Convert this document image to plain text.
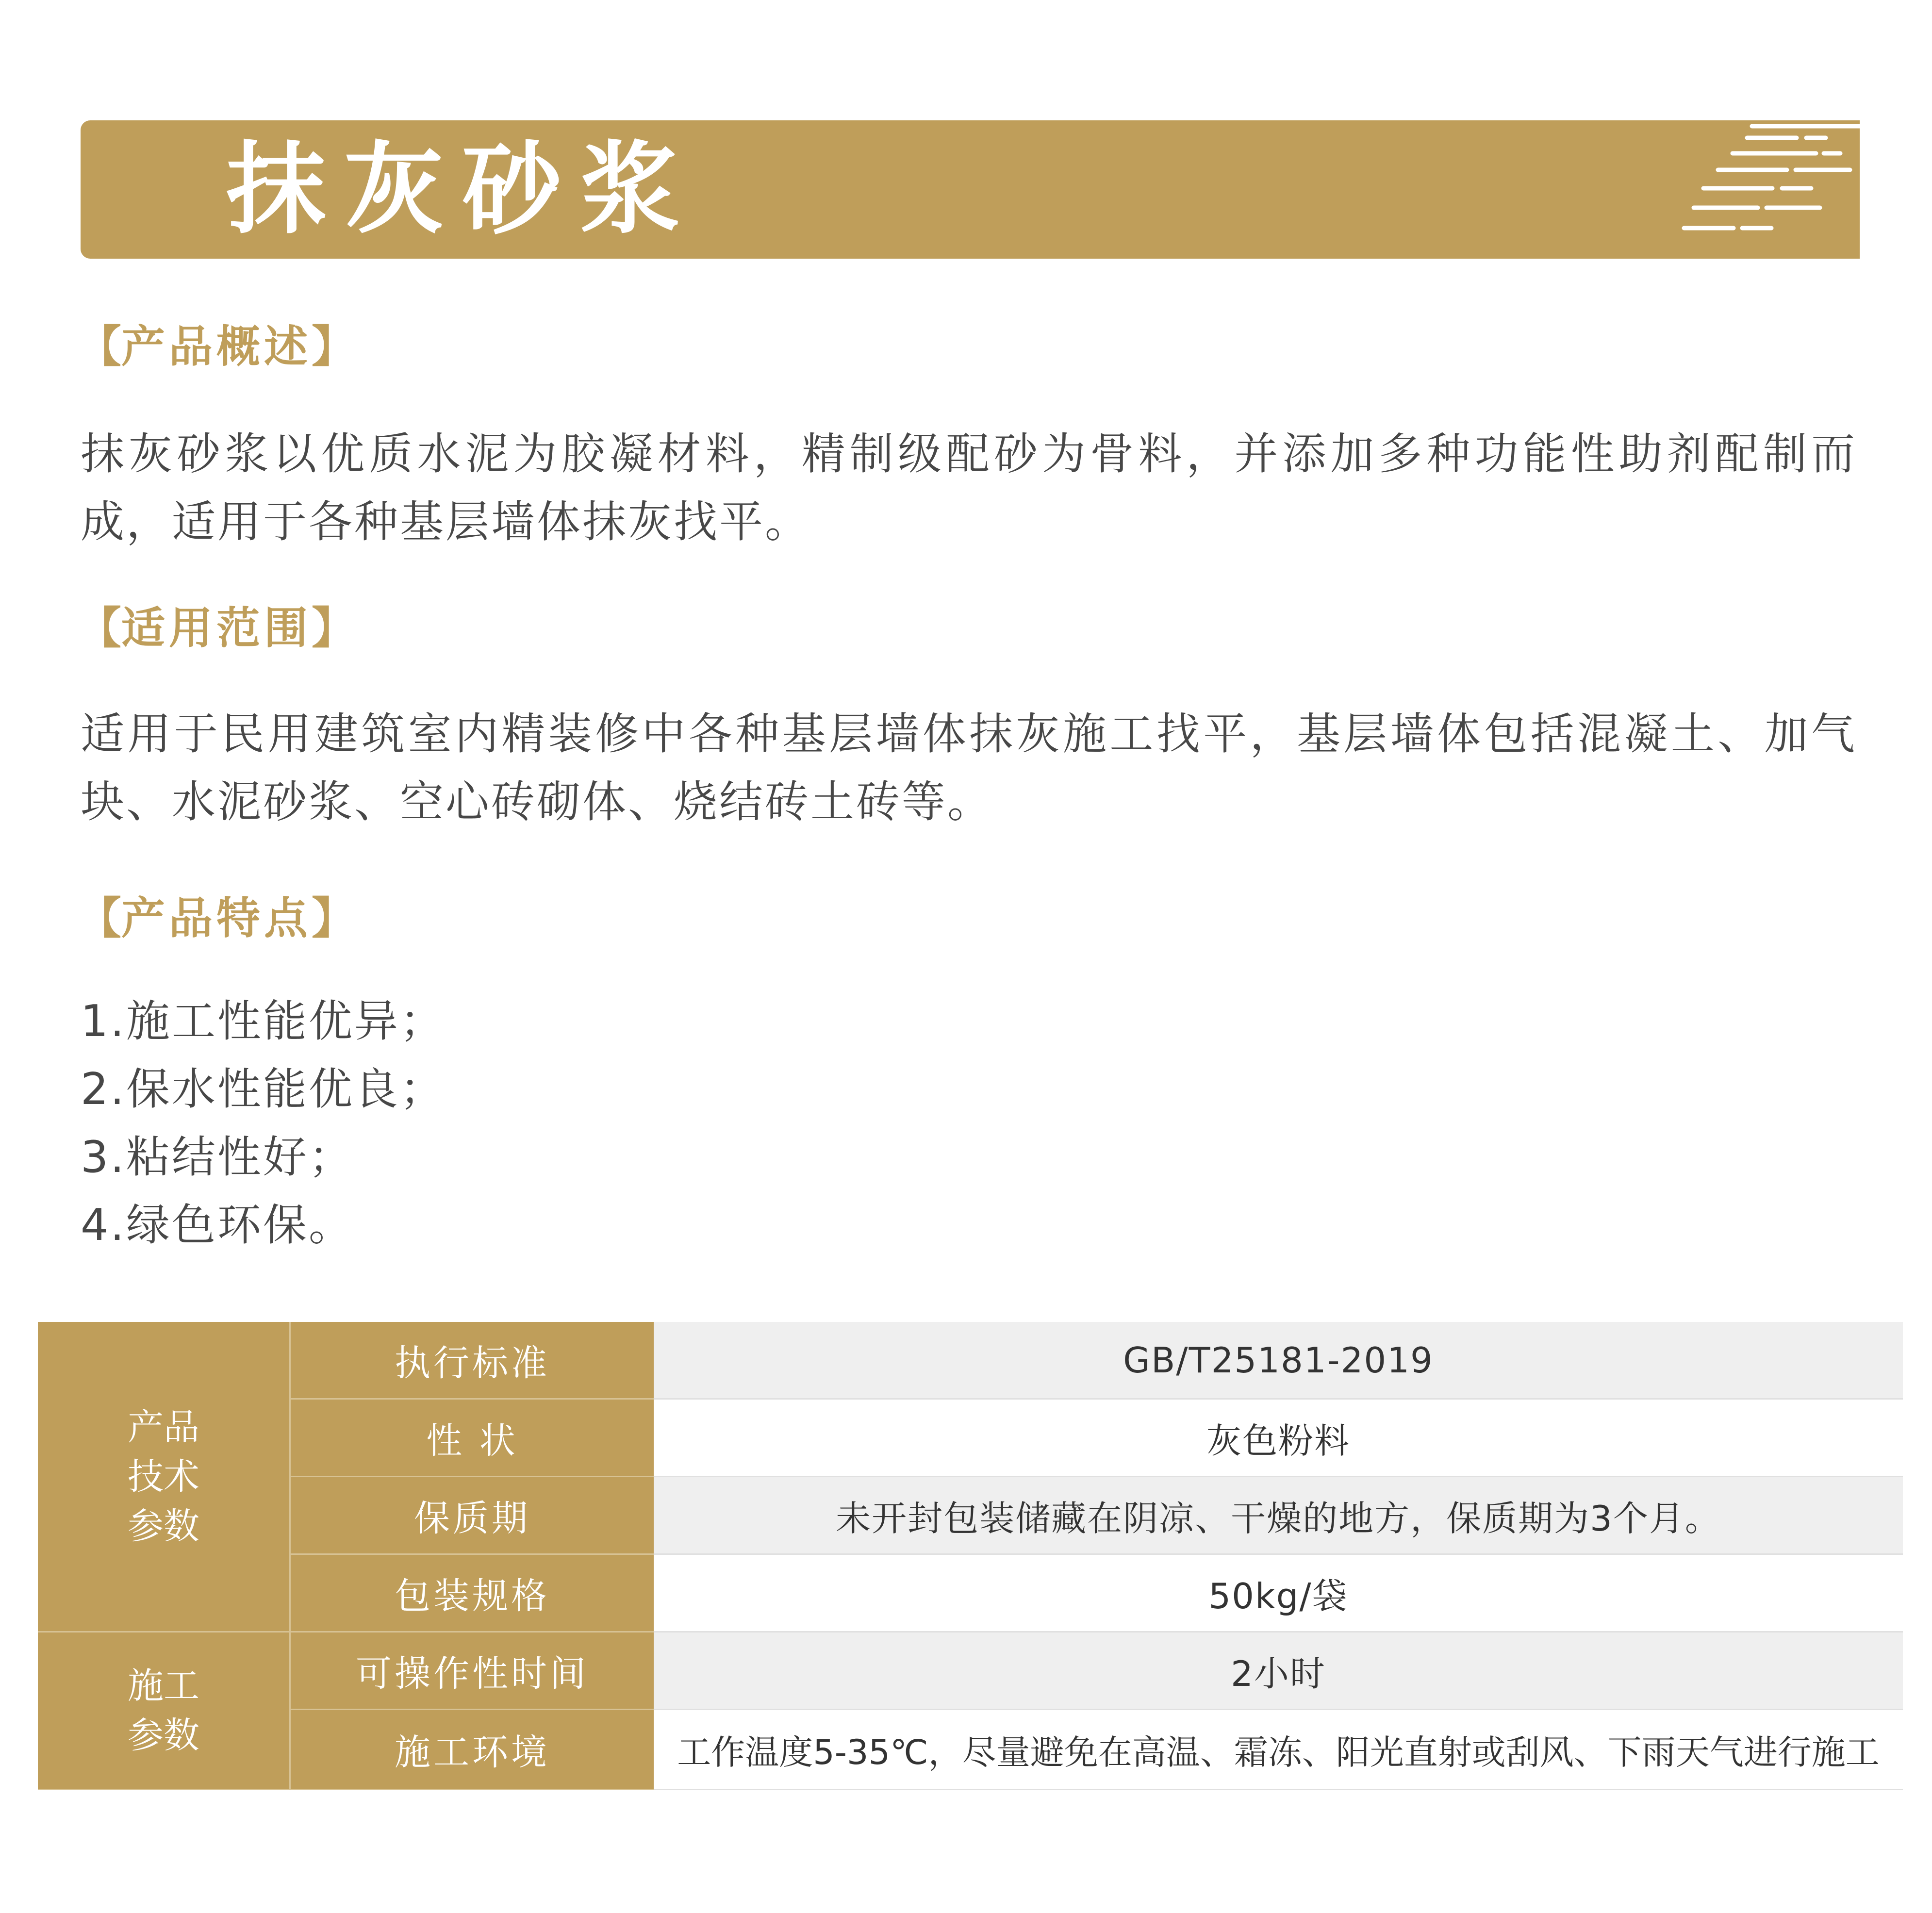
抹灰砂浆
【产品概述】

抹灰砂浆以优质水泥为胶凝材料，精制级配砂为骨料，并添加多种功能性助剂配制而成，适用于各种基层墙体抹灰找平。

【适用范围】

适用于民用建筑室内精装修中各种基层墙体抹灰施工找平，基层墙体包括混凝土、加气块、水泥砂浆、空心砖砌体、烧结砖土砖等。

【产品特点】
1.施工性能优异；
2.保水性能优良；
3.粘结性好；
4.绿色环保。
产品
技术
参数
执行标准	GB/T25181-2019
性 状	灰色粉料
保质期	未开封包装储藏在阴凉、干燥的地方，保质期为3个月。
包装规格	50kg/袋
施工
参数
可操作性时间	2小时
施工环境	工作温度5-35℃，尽量避免在高温、霜冻、阳光直射或刮风、下雨天气进行施工
